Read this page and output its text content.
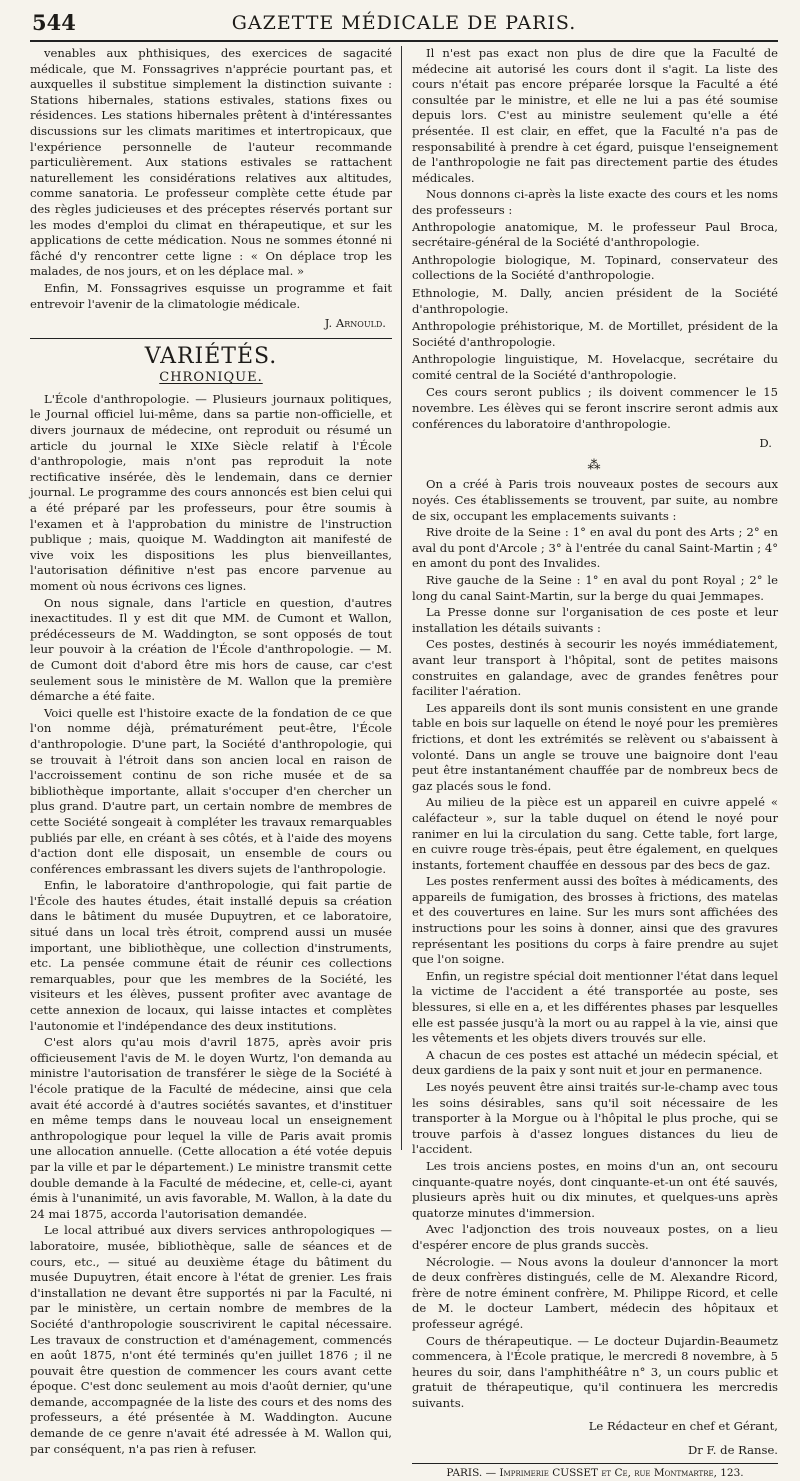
544	GAZETTE MÉDICALE DE PARIS.

venables aux phthisiques, des exercices de sagacité médicale, que M. Fonssagrives n'apprécie pourtant pas, et auxquelles il substitue simplement la distinction suivante : Stations hibernales, stations estivales, stations fixes ou résidences. Les stations hibernales prêtent à d'intéressantes discussions sur les climats maritimes et intertropicaux, que l'expérience personnelle de l'auteur recommande particulièrement. Aux stations estivales se rattachent naturellement les considérations relatives aux altitudes, comme sanatoria. Le professeur complète cette étude par des règles judicieuses et des préceptes réservés portant sur les modes d'emploi du climat en thérapeutique, et sur les applications de cette médication. Nous ne sommes étonné ni fâché d'y rencontrer cette ligne : « On déplace trop les malades, de nos jours, et on les déplace mal. »

Enfin, M. Fonssagrives esquisse un programme et fait entrevoir l'avenir de la climatologie médicale.

J. Arnould.
VARIÉTÉS.
CHRONIQUE.

L'École d'anthropologie. — Plusieurs journaux politiques, le Journal officiel lui-même, dans sa partie non-officielle, et divers journaux de médecine, ont reproduit ou résumé un article du journal le XIXe Siècle relatif à l'École d'anthropologie, mais n'ont pas reproduit la note rectificative insérée, dès le lendemain, dans ce dernier journal. Le programme des cours annoncés est bien celui qui a été préparé par les professeurs, pour être soumis à l'examen et à l'approbation du ministre de l'instruction publique ; mais, quoique M. Waddington ait manifesté de vive voix les dispositions les plus bienveillantes, l'autorisation définitive n'est pas encore parvenue au moment où nous écrivons ces lignes.

On nous signale, dans l'article en question, d'autres inexactitudes. Il y est dit que MM. de Cumont et Wallon, prédécesseurs de M. Waddington, se sont opposés de tout leur pouvoir à la création de l'École d'anthropologie. — M. de Cumont doit d'abord être mis hors de cause, car c'est seulement sous le ministère de M. Wallon que la première démarche a été faite.

Voici quelle est l'histoire exacte de la fondation de ce que l'on nomme déjà, prématurément peut-être, l'École d'anthropologie. D'une part, la Société d'anthropologie, qui se trouvait à l'étroit dans son ancien local en raison de l'accroissement continu de son riche musée et de sa bibliothèque importante, allait s'occuper d'en chercher un plus grand. D'autre part, un certain nombre de membres de cette Société songeait à compléter les travaux remarquables publiés par elle, en créant à ses côtés, et à l'aide des moyens d'action dont elle disposait, un ensemble de cours ou conférences embrassant les divers sujets de l'anthropologie.

Enfin, le laboratoire d'anthropologie, qui fait partie de l'École des hautes études, était installé depuis sa création dans le bâtiment du musée Dupuytren, et ce laboratoire, situé dans un local très étroit, comprend aussi un musée important, une bibliothèque, une collection d'instruments, etc. La pensée commune était de réunir ces collections remarquables, pour que les membres de la Société, les visiteurs et les élèves, pussent profiter avec avantage de cette annexion de locaux, qui laisse intactes et complètes l'autonomie et l'indépendance des deux institutions.

C'est alors qu'au mois d'avril 1875, après avoir pris officieusement l'avis de M. le doyen Wurtz, l'on demanda au ministre l'autorisation de transférer le siège de la Société à l'école pratique de la Faculté de médecine, ainsi que cela avait été accordé à d'autres sociétés savantes, et d'instituer en même temps dans le nouveau local un enseignement anthropologique pour lequel la ville de Paris avait promis une allocation annuelle. (Cette allocation a été votée depuis par la ville et par le département.) Le ministre transmit cette double demande à la Faculté de médecine, et, celle-ci, ayant émis à l'unanimité, un avis favorable, M. Wallon, à la date du 24 mai 1875, accorda l'autorisation demandée.

Le local attribué aux divers services anthropologiques — laboratoire, musée, bibliothèque, salle de séances et de cours, etc., — situé au deuxième étage du bâtiment du musée Dupuytren, était encore à l'état de grenier. Les frais d'installation ne devant être supportés ni par la Faculté, ni par le ministère, un certain nombre de membres de la Société d'anthropologie souscrivirent le capital nécessaire. Les travaux de construction et d'aménagement, commencés en août 1875, n'ont été terminés qu'en juillet 1876 ; il ne pouvait être question de commencer les cours avant cette époque. C'est donc seulement au mois d'août dernier, qu'une demande, accompagnée de la liste des cours et des noms des professeurs, a été présentée à M. Waddington. Aucune demande de ce genre n'avait été adressée à M. Wallon qui, par conséquent, n'a pas rien à refuser.

Il n'est pas exact non plus de dire que la Faculté de médecine ait autorisé les cours dont il s'agit. La liste des cours n'était pas encore préparée lorsque la Faculté a été consultée par le ministre, et elle ne lui a pas été soumise depuis lors. C'est au ministre seulement qu'elle a été présentée. Il est clair, en effet, que la Faculté n'a pas de responsabilité à prendre à cet égard, puisque l'enseignement de l'anthropologie ne fait pas directement partie des études médicales.

Nous donnons ci-après la liste exacte des cours et les noms des professeurs :

Anthropologie anatomique, M. le professeur Paul Broca, secrétaire-général de la Société d'anthropologie.

Anthropologie biologique, M. Topinard, conservateur des collections de la Société d'anthropologie.

Ethnologie, M. Dally, ancien président de la Société d'anthropologie.

Anthropologie préhistorique, M. de Mortillet, président de la Société d'anthropologie.

Anthropologie linguistique, M. Hovelacque, secrétaire du comité central de la Société d'anthropologie.

Ces cours seront publics ; ils doivent commencer le 15 novembre. Les élèves qui se feront inscrire seront admis aux conférences du laboratoire d'anthropologie.

D.
⁂

On a créé à Paris trois nouveaux postes de secours aux noyés. Ces établissements se trouvent, par suite, au nombre de six, occupant les emplacements suivants :

Rive droite de la Seine : 1° en aval du pont des Arts ; 2° en aval du pont d'Arcole ; 3° à l'entrée du canal Saint-Martin ; 4° en amont du pont des Invalides.

Rive gauche de la Seine : 1° en aval du pont Royal ; 2° le long du canal Saint-Martin, sur la berge du quai Jemmapes.

La Presse donne sur l'organisation de ces poste et leur installation les détails suivants :

Ces postes, destinés à secourir les noyés immédiatement, avant leur transport à l'hôpital, sont de petites maisons construites en galandage, avec de grandes fenêtres pour faciliter l'aération.

Les appareils dont ils sont munis consistent en une grande table en bois sur laquelle on étend le noyé pour les premières frictions, et dont les extrémités se relèvent ou s'abaissent à volonté. Dans un angle se trouve une baignoire dont l'eau peut être instantanément chauffée par de nombreux becs de gaz placés sous le fond.

Au milieu de la pièce est un appareil en cuivre appelé « caléfacteur », sur la table duquel on étend le noyé pour ranimer en lui la circulation du sang. Cette table, fort large, en cuivre rouge très-épais, peut être également, en quelques instants, fortement chauffée en dessous par des becs de gaz.

Les postes renferment aussi des boîtes à médicaments, des appareils de fumigation, des brosses à frictions, des matelas et des couvertures en laine. Sur les murs sont affichées des instructions pour les soins à donner, ainsi que des gravures représentant les positions du corps à faire prendre au sujet que l'on soigne.

Enfin, un registre spécial doit mentionner l'état dans lequel la victime de l'accident a été transportée au poste, ses blessures, si elle en a, et les différentes phases par lesquelles elle est passée jusqu'à la mort ou au rappel à la vie, ainsi que les vêtements et les objets divers trouvés sur elle.

A chacun de ces postes est attaché un médecin spécial, et deux gardiens de la paix y sont nuit et jour en permanence.

Les noyés peuvent être ainsi traités sur-le-champ avec tous les soins désirables, sans qu'il soit nécessaire de les transporter à la Morgue ou à l'hôpital le plus proche, qui se trouve parfois à d'assez longues distances du lieu de l'accident.

Les trois anciens postes, en moins d'un an, ont secouru cinquante-quatre noyés, dont cinquante-et-un ont été sauvés, plusieurs après huit ou dix minutes, et quelques-uns après quatorze minutes d'immersion.

Avec l'adjonction des trois nouveaux postes, on a lieu d'espérer encore de plus grands succès.

Nécrologie. — Nous avons la douleur d'annoncer la mort de deux confrères distingués, celle de M. Alexandre Ricord, frère de notre éminent confrère, M. Philippe Ricord, et celle de M. le docteur Lambert, médecin des hôpitaux et professeur agrégé.

Cours de thérapeutique. — Le docteur Dujardin-Beaumetz commencera, à l'École pratique, le mercredi 8 novembre, à 5 heures du soir, dans l'amphithéâtre n° 3, un cours public et gratuit de thérapeutique, qu'il continuera les mercredis suivants.

Le Rédacteur en chef et Gérant,
Dr F. de Ranse.
PARIS. — Imprimerie CUSSET et Ce, rue Montmartre, 123.
